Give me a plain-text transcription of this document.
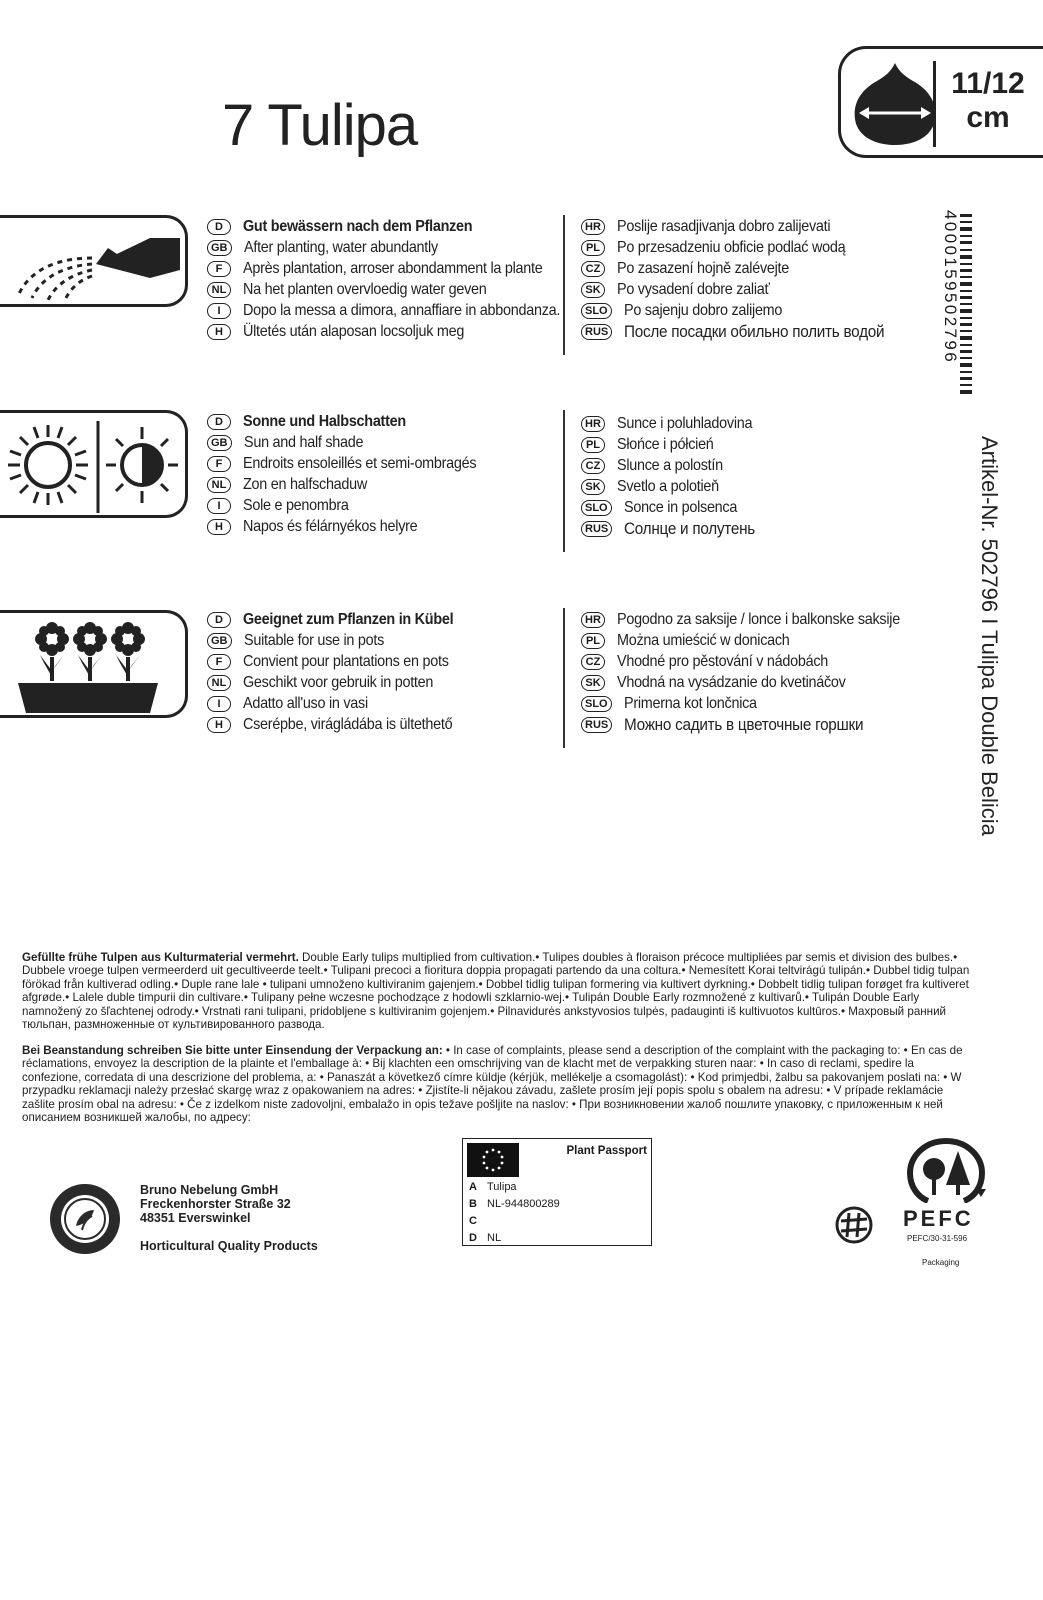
7 Tulipa
11/12
cm
D	Gut bewässern nach dem Pflanzen
GB After planting, water abundantly
F	Après plantation, arroser abondamment la plante
NL Na het planten overvloedig water geven
I	Dopo la messa a dimora, annaffiare in abbondanza.
H	Ültetés után alaposan locsoljuk meg
HR Poslije rasadjivanja dobro zalijevati
PL	Po przesadzeniu obficie podlać wodą
CZ Po zasazení hojně zalévejte
SK Po vysadení dobre zaliať
SLO Po sajenju dobro zalijemo
RUS После посадки обильно полить водой
D	Sonne und Halbschatten
GB Sun and half shade
F	Endroits ensoleillés et semi-ombragés
NL Zon en halfschaduw
I	Sole e penombra
H	Napos és félárnyékos helyre
HR Sunce i poluhladovina
PL	Słońce i półcień
CZ Slunce a polostín
SK Svetlo a polotieň
SLO Sonce in polsenca
RUS Солнце и полутень
D	Geeignet zum Pflanzen in Kübel
GB Suitable for use in pots
F	Convient pour plantations en pots
NL Geschikt voor gebruik in potten
I	Adatto all'uso in vasi
H	Cserépbe, virágládába is ültethető
HR Pogodno za saksije / lonce i balkonske saksije
PL	Można umieścić w donicach
CZ Vhodné pro pěstování v nádobách
SK Vhodná na vysádzanie do kvetináčov
SLO Primerna kot lončnica
RUS Можно садить в цветочные горшки
4000159502796
Artikel-Nr. 502796 I Tulipa Double Belicia
Gefüllte frühe Tulpen aus Kulturmaterial vermehrt. Double Early tulips multiplied from cultivation.• Tulipes doubles à floraison précoce multipliées par semis et division des bulbes.• Dubbele vroege tulpen vermeerderd uit gecultiveerde teelt.• Tulipani precoci a fioritura doppia propagati partendo da una coltura.• Nemesített Korai teltvirágú tulipán.• Dubbel tidig tulpan förökad från kultiverad odling.• Duple rane lale • tulipani umnoženo kultiviranim gajenjem.• Dobbel tidlig tulipan formering via kultivert dyrkning.• Dobbelt tidlig tulipan forøget fra kultiveret afgrøde.• Lalele duble timpurii din cultivare.• Tulipany pełne wczesne pochodzące z hodowli szklarnio-wej.• Tulipán Double Early rozmnožené z kultivarů.• Tulipán Double Early namnožený zo šľachtenej odrody.• Vrstnati rani tulipani, pridobljene s kultiviranim gojenjem.• Pilnavidurės ankstyvosios tulpės, padauginti iš kultivuotos kultūros.• Махровый ранний тюльпан, размноженные от культивированного развода.
Bei Beanstandung schreiben Sie bitte unter Einsendung der Verpackung an: • In case of complaints, please send a description of the complaint with the packaging to: • En cas de réclamations, envoyez la description de la plainte et l'emballage à: • Bij klachten een omschrijving van de klacht met de verpakking sturen naar: • In caso di reclami, spedire la confezione, corredata di una descrizione del problema, a: • Panaszát a következő címre küldje (kérjük, mellékelje a csomagolást): • Kod primjedbi, žalbu sa pakovanjem poslati na: • W przypadku reklamacji należy przesłać skargę wraz z opakowaniem na adres: • Zjistíte-li nějakou závadu, zašlete prosím její popis spolu s obalem na adresu: • V prípade reklamácie zašlite prosím obal na adresu: • Če z izdelkom niste zadovoljni, embalažo in opis težave pošljite na naslov: • При возникновении жалоб пошлите упаковку, с приложенным к ней описанием возникшей жалобы, по адресу:
Bruno Nebelung GmbH
Freckenhorster Straße 32
48351 Everswinkel
Horticultural Quality Products
Plant Passport
A Tulipa
B NL-944800289
C
D NL
PEFC
PEFC/30-31-596
Packaging
